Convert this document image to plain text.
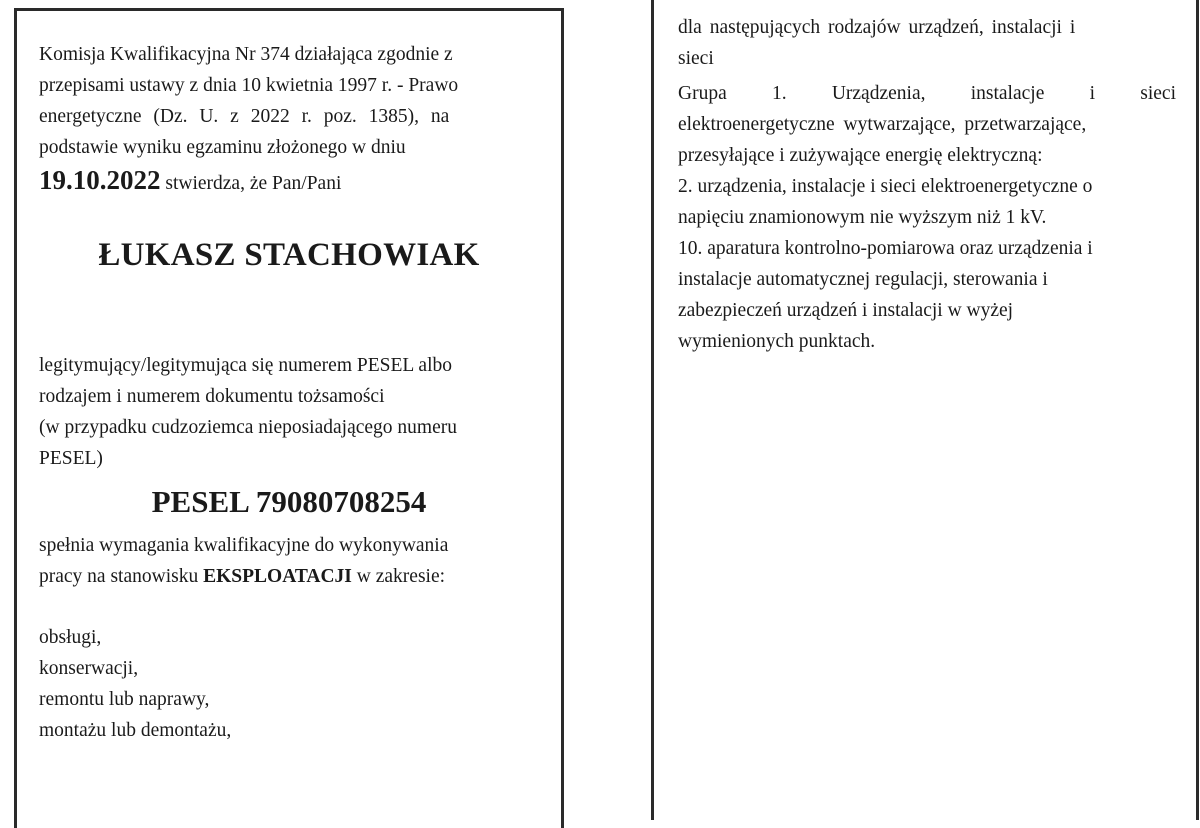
Komisja Kwalifikacyjna Nr 374 działająca zgodnie z
przepisami ustawy z dnia 10 kwietnia 1997 r. - Prawo
energetyczne (Dz. U. z 2022 r. poz. 1385), na
podstawie wyniku egzaminu złożonego w dniu

19.10.2022 stwierdza, że Pan/Pani

ŁUKASZ STACHOWIAK

legitymujący/legitymująca się numerem PESEL albo
rodzajem i numerem dokumentu tożsamości
(w przypadku cudzoziemca nieposiadającego numeru
PESEL)

PESEL 79080708254

spełnia wymagania kwalifikacyjne do wykonywania
pracy na stanowisku EKSPLOATACJI w zakresie:

obsługi,
konserwacji,
remontu lub naprawy,
montażu lub demontażu,

dla następujących rodzajów urządzeń, instalacji i
sieci

Grupa 1. Urządzenia, instalacje i sieci
elektroenergetyczne wytwarzające, przetwarzające,
przesyłające i zużywające energię elektryczną:
2. urządzenia, instalacje i sieci elektroenergetyczne o
napięciu znamionowym nie wyższym niż 1 kV.
10. aparatura kontrolno-pomiarowa oraz urządzenia i
instalacje automatycznej regulacji, sterowania i
zabezpieczeń urządzeń i instalacji w wyżej
wymienionych punktach.
